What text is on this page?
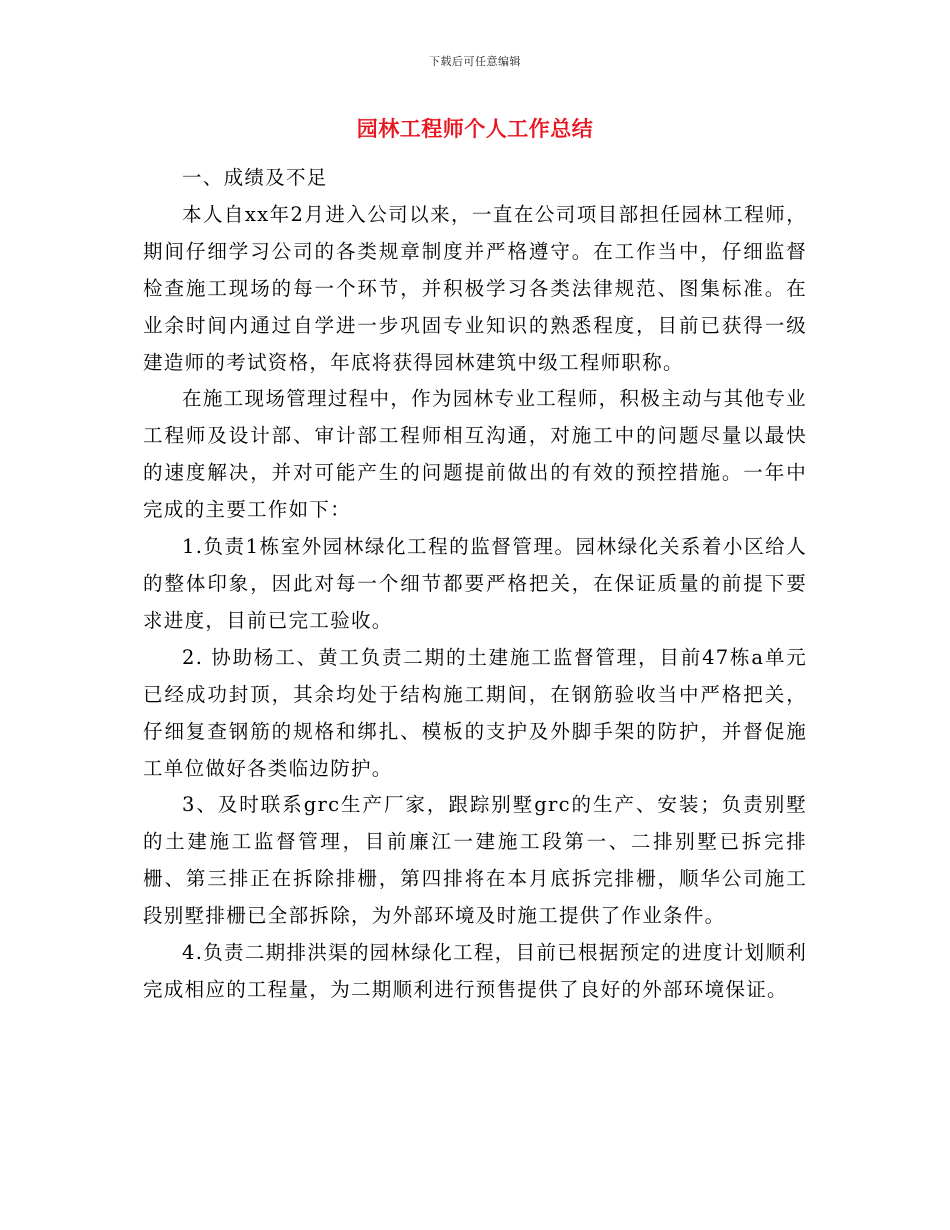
下载后可任意编辑
园林工程师个人工作总结

一、成绩及不足

本人自xx年2月进入公司以来，一直在公司项目部担任园林工程师，期间仔细学习公司的各类规章制度并严格遵守。在工作当中，仔细监督检查施工现场的每一个环节，并积极学习各类法律规范、图集标准。在业余时间内通过自学进一步巩固专业知识的熟悉程度，目前已获得一级建造师的考试资格，年底将获得园林建筑中级工程师职称。

在施工现场管理过程中，作为园林专业工程师，积极主动与其他专业工程师及设计部、审计部工程师相互沟通，对施工中的问题尽量以最快的速度解决，并对可能产生的问题提前做出的有效的预控措施。一年中完成的主要工作如下：

1.负责1栋室外园林绿化工程的监督管理。园林绿化关系着小区给人的整体印象，因此对每一个细节都要严格把关，在保证质量的前提下要求进度，目前已完工验收。

2. 协助杨工、黄工负责二期的土建施工监督管理，目前47栋a单元已经成功封顶，其余均处于结构施工期间，在钢筋验收当中严格把关，仔细复查钢筋的规格和绑扎、模板的支护及外脚手架的防护，并督促施工单位做好各类临边防护。

3、及时联系grc生产厂家，跟踪别墅grc的生产、安装；负责别墅的土建施工监督管理，目前廉江一建施工段第一、二排别墅已拆完排栅、第三排正在拆除排栅，第四排将在本月底拆完排栅，顺华公司施工段别墅排栅已全部拆除，为外部环境及时施工提供了作业条件。

4.负责二期排洪渠的园林绿化工程，目前已根据预定的进度计划顺利完成相应的工程量，为二期顺利进行预售提供了良好的外部环境保证。
